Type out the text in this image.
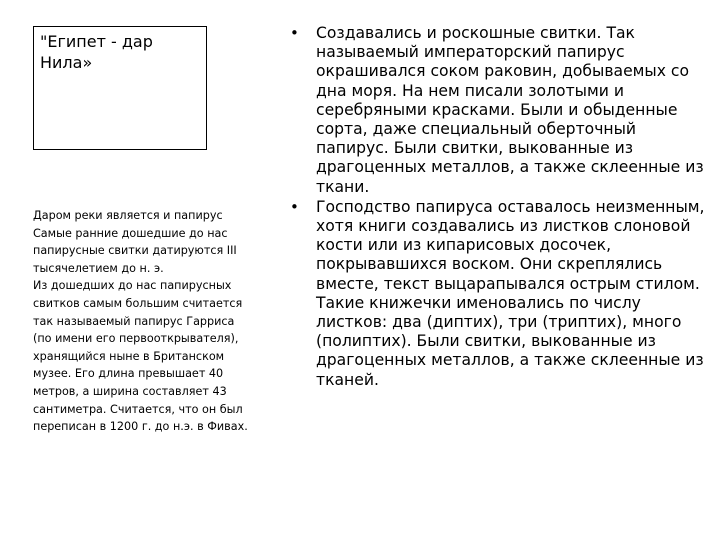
"Египет - дар
Нила»
Даром реки является и папирус
Самые ранние дошедшие до нас
папирусные свитки датируются III
тысячелетием до н. э.
Из дошедших до нас папирусных
свитков самым большим считается
так называемый папирус Гарриса
(по имени его первооткрывателя),
хранящийся ныне в Британском
музее. Его длина превышает 40
метров, а ширина составляет 43
сантиметра. Считается, что он был
переписан в 1200 г. до н.э. в Фивах.
• Создавались и роскошные свитки. Так называемый императорский папирус окрашивался соком раковин, добываемых со дна моря. На нем писали золотыми и серебряными красками. Были и обыденные сорта, даже специальный оберточный папирус. Были свитки, выкованные из драгоценных металлов, а также склеенные из ткани.
• Господство папируса оставалось неизменным, хотя книги создавались из листков слоновой кости или из кипарисовых досочек, покрывавшихся воском. Они скреплялись вместе, текст выцарапывался острым стилом. Такие книжечки именовались по числу листков: два (диптих), три (триптих), много (полиптих). Были свитки, выкованные из драгоценных металлов, а также склеенные из тканей.
